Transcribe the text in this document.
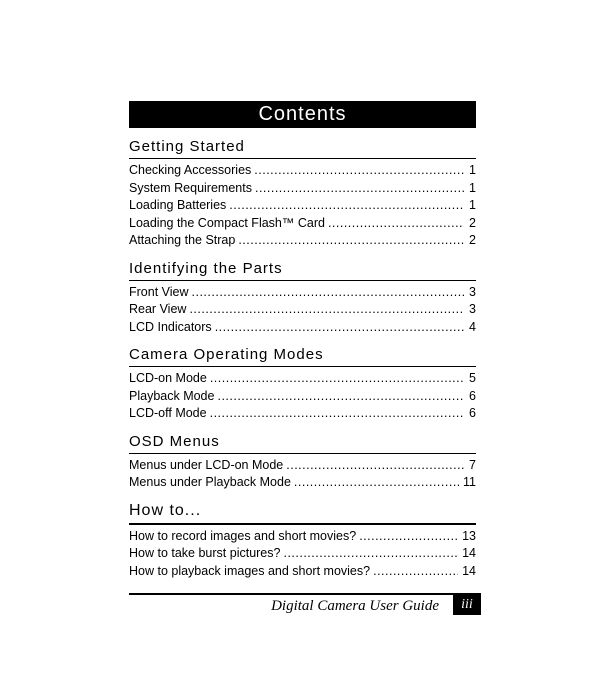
Contents
Getting Started
Checking Accessories .....	1
System Requirements .....	1
Loading Batteries .....	1
Loading the Compact Flash™ Card .....	2
Attaching the Strap .....	2
Identifying the Parts
Front View .....	3
Rear View .....	3
LCD Indicators .....	4
Camera Operating Modes
LCD-on Mode .....	5
Playback Mode .....	6
LCD-off Mode .....	6
OSD Menus
Menus under LCD-on Mode .....	7
Menus under Playback Mode .....	11
How to...
How to record images and short movies? .....	13
How to take burst pictures? .....	14
How to playback images and short movies? .....	14
Digital Camera User Guide	iii
